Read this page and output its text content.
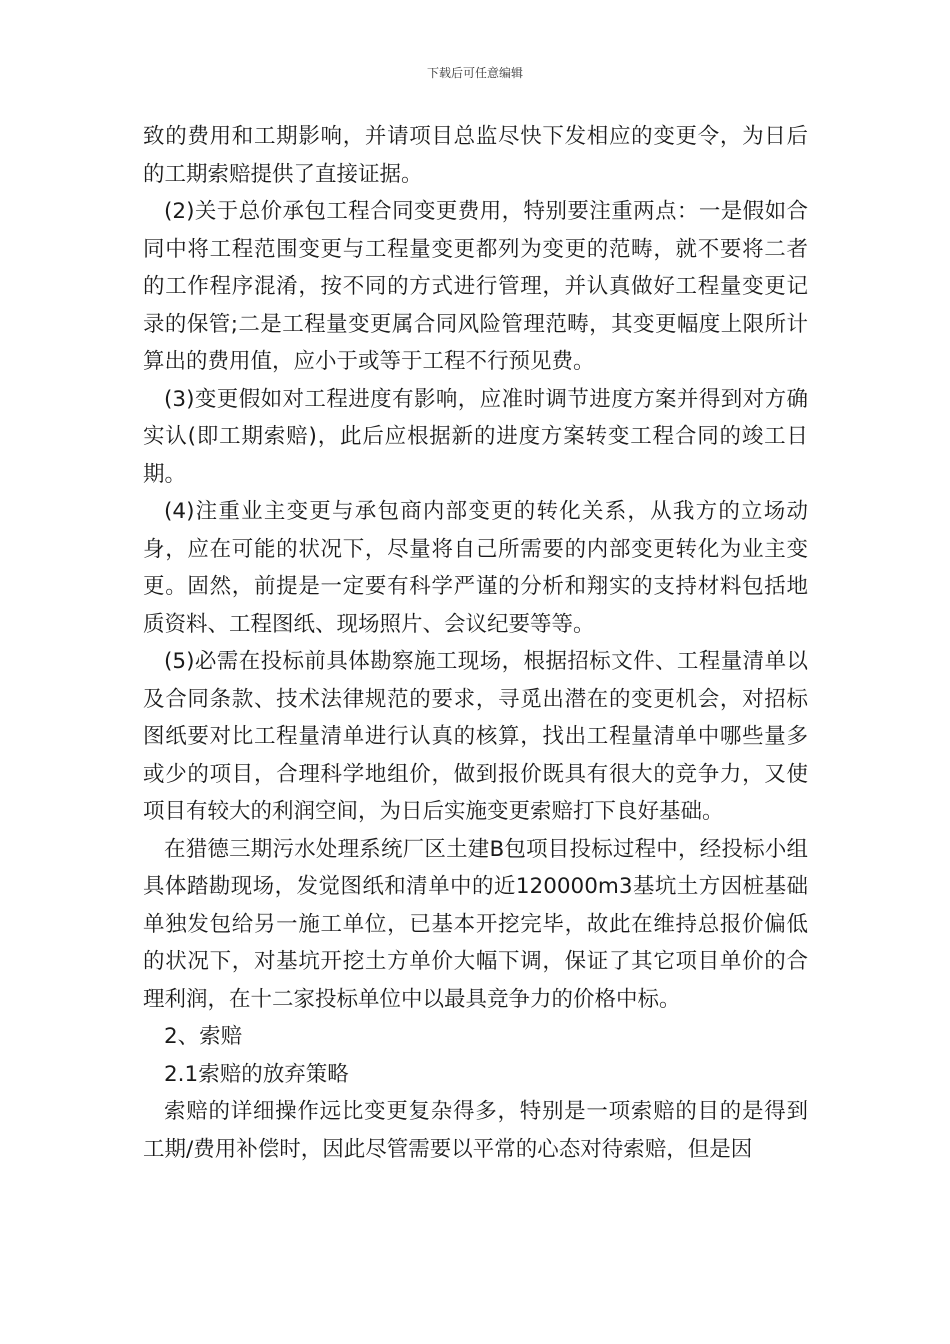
下载后可任意编辑

致的费用和工期影响，并请项目总监尽快下发相应的变更令，为日后的工期索赔提供了直接证据。

(2)关于总价承包工程合同变更费用，特别要注重两点：一是假如合同中将工程范围变更与工程量变更都列为变更的范畴，就不要将二者的工作程序混淆，按不同的方式进行管理，并认真做好工程量变更记录的保管;二是工程量变更属合同风险管理范畴，其变更幅度上限所计算出的费用值，应小于或等于工程不行预见费。

(3)变更假如对工程进度有影响，应准时调节进度方案并得到对方确实认(即工期索赔)，此后应根据新的进度方案转变工程合同的竣工日期。

(4)注重业主变更与承包商内部变更的转化关系，从我方的立场动身，应在可能的状况下，尽量将自己所需要的内部变更转化为业主变更。固然，前提是一定要有科学严谨的分析和翔实的支持材料包括地质资料、工程图纸、现场照片、会议纪要等等。

(5)必需在投标前具体勘察施工现场，根据招标文件、工程量清单以及合同条款、技术法律规范的要求，寻觅出潜在的变更机会，对招标图纸要对比工程量清单进行认真的核算，找出工程量清单中哪些量多或少的项目，合理科学地组价，做到报价既具有很大的竞争力，又使项目有较大的利润空间，为日后实施变更索赔打下良好基础。

在猎德三期污水处理系统厂区土建B包项目投标过程中，经投标小组具体踏勘现场，发觉图纸和清单中的近120000m3基坑土方因桩基础单独发包给另一施工单位，已基本开挖完毕，故此在维持总报价偏低的状况下，对基坑开挖土方单价大幅下调，保证了其它项目单价的合理利润，在十二家投标单位中以最具竞争力的价格中标。

2、索赔

2.1索赔的放弃策略

索赔的详细操作远比变更复杂得多，特别是一项索赔的目的是得到工期/费用补偿时，因此尽管需要以平常的心态对待索赔，但是因
